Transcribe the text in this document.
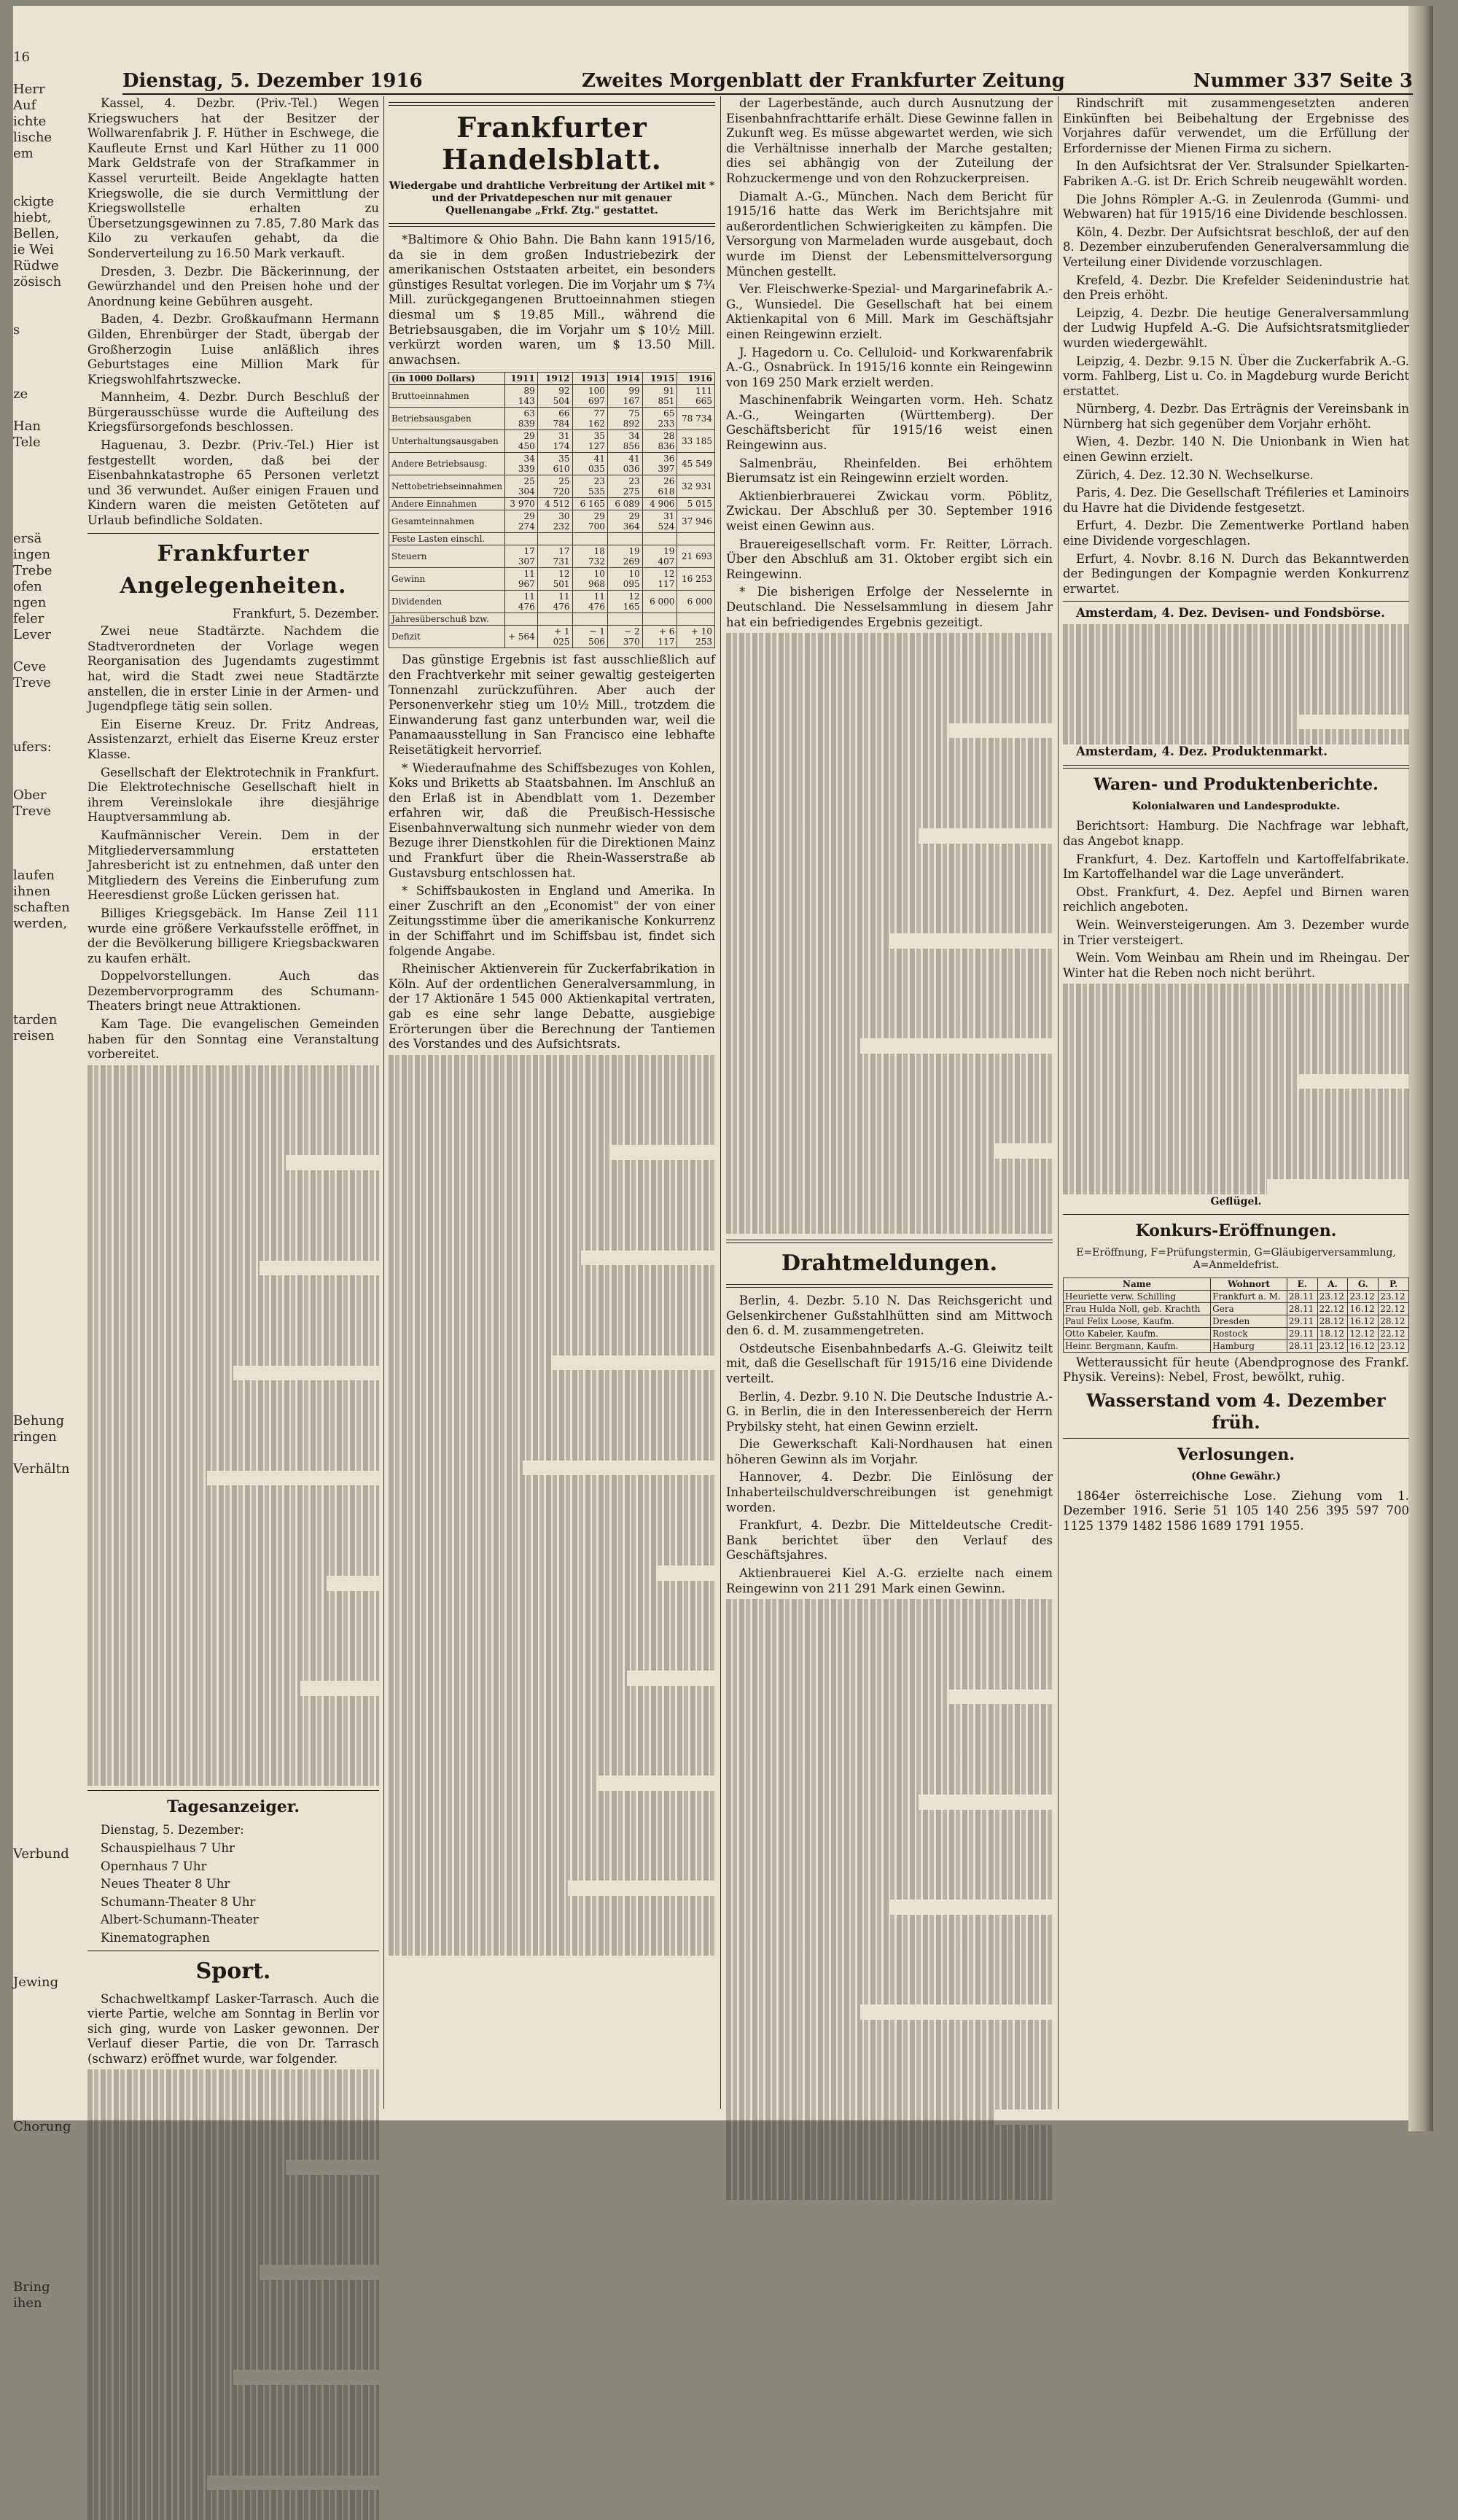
16
Herr
Auf
ichte
lische
em
ckigte
hiebt,
Bellen,
ie Wei
Rüdwe
zösisch
s
ze
Han
Tele
ersä
ingen
Trebe
ofen
ngen
feler
Lever
Ceve
Treve
ufers:
Ober
Treve
laufen
ihnen
schaften
werden,
tarden
reisen
Behung
ringen
Verhältn
Verbund
Jewing
Chorung
Bring
ihen
Dienstag, 5. Dezember 1916	Zweites Morgenblatt der Frankfurter Zeitung	Nummer 337 Seite 3

Kassel, 4. Dezbr. (Priv.-Tel.) Wegen Kriegswuchers hat der Besitzer der Wollwarenfabrik J. F. Hüther in Eschwege, die Kaufleute Ernst und Karl Hüther zu 11 000 Mark Geldstrafe von der Strafkammer in Kassel verurteilt. Beide Angeklagte hatten Kriegswolle, die sie durch Vermittlung der Kriegswollstelle erhalten zu Übersetzungsgewinnen zu 7.85, 7.80 Mark das Kilo zu verkaufen gehabt, da die Sonderverteilung zu 16.50 Mark verkauft.

Dresden, 3. Dezbr. Die Bäckerinnung, der Gewürzhandel und den Preisen hohe und der Anordnung keine Gebühren ausgeht.

Baden, 4. Dezbr. Großkaufmann Hermann Gilden, Ehrenbürger der Stadt, übergab der Großherzogin Luise anläßlich ihres Geburtstages eine Million Mark für Kriegswohlfahrtszwecke.

Mannheim, 4. Dezbr. Durch Beschluß der Bürgerausschüsse wurde die Aufteilung des Kriegsfürsorgefonds beschlossen.

Haguenau, 3. Dezbr. (Priv.-Tel.) Hier ist festgestellt worden, daß bei der Eisenbahnkatastrophe 65 Personen verletzt und 36 verwundet. Außer einigen Frauen und Kindern waren die meisten Getöteten auf Urlaub befindliche Soldaten.

Frankfurter Angelegenheiten.

Frankfurt, 5. Dezember.

Zwei neue Stadtärzte. Nachdem die Stadtverordneten der Vorlage wegen Reorganisation des Jugendamts zugestimmt hat, wird die Stadt zwei neue Stadtärzte anstellen, die in erster Linie in der Armen- und Jugendpflege tätig sein sollen.

Ein Eiserne Kreuz. Dr. Fritz Andreas, Assistenzarzt, erhielt das Eiserne Kreuz erster Klasse.

Gesellschaft der Elektrotechnik in Frankfurt. Die Elektrotechnische Gesellschaft hielt in ihrem Vereinslokale ihre diesjährige Hauptversammlung ab.

Kaufmännischer Verein. Dem in der Mitgliederversammlung erstatteten Jahresbericht ist zu entnehmen, daß unter den Mitgliedern des Vereins die Einberufung zum Heeresdienst große Lücken gerissen hat.

Billiges Kriegsgebäck. Im Hanse Zeil 111 wurde eine größere Verkaufsstelle eröffnet, in der die Bevölkerung billigere Kriegsbackwaren zu kaufen erhält.

Doppelvorstellungen. Auch das Dezembervorprogramm des Schumann-Theaters bringt neue Attraktionen.

Kam Tage. Die evangelischen Gemeinden haben für den Sonntag eine Veranstaltung vorbereitet.

Tagesanzeiger.

Dienstag, 5. Dezember:

Schauspielhaus 7 Uhr

Opernhaus 7 Uhr

Neues Theater 8 Uhr

Schumann-Theater 8 Uhr

Albert-Schumann-Theater

Kinematographen

Sport.

Schachweltkampf Lasker-Tarrasch. Auch die vierte Partie, welche am Sonntag in Berlin vor sich ging, wurde von Lasker gewonnen. Der Verlauf dieser Partie, die von Dr. Tarrasch (schwarz) eröffnet wurde, war folgender.

Frankfurter Handelsblatt.
Wiedergabe und drahtliche Verbreitung der Artikel mit * und der Privatdepeschen nur mit genauer Quellenangabe „Frkf. Ztg." gestattet.

*Baltimore & Ohio Bahn. Die Bahn kann 1915/16, da sie in dem großen Industriebezirk der amerikanischen Oststaaten arbeitet, ein besonders günstiges Resultat vorlegen. Die im Vorjahr um $ 7¾ Mill. zurückgegangenen Bruttoeinnahmen stiegen diesmal um $ 19.85 Mill., während die Betriebsausgaben, die im Vorjahr um $ 10½ Mill. verkürzt worden waren, um $ 13.50 Mill. anwachsen.

(in 1000 Dollars)	1911	1912	1913	1914	1915	1916
Bruttoeinnahmen	89 143	92 504	100 697	99 167	91 851	111 665
Betriebsausgaben	63 839	66 784	77 162	75 892	65 233	78 734
Unterhaltungsausgaben	29 450	31 174	35 127	34 856	28 836	33 185
Andere Betriebsausg.	34 339	35 610	41 035	41 036	36 397	45 549
Nettobetriebseinnahmen	25 304	25 720	23 535	23 275	26 618	32 931
Andere Einnahmen	3 970	4 512	6 165	6 089	4 906	5 015
Gesamteinnahmen	29 274	30 232	29 700	29 364	31 524	37 946
Feste Lasten einschl.						
Steuern	17 307	17 731	18 732	19 269	19 407	21 693
Gewinn	11 967	12 501	10 968	10 095	12 117	16 253
Dividenden	11 476	11 476	11 476	12 165	6 000	6 000
Jahresüberschuß bzw.						
Defizit	+ 564	+ 1 025	− 1 506	− 2 370	+ 6 117	+ 10 253

Das günstige Ergebnis ist fast ausschließlich auf den Frachtverkehr mit seiner gewaltig gesteigerten Tonnenzahl zurückzuführen. Aber auch der Personenverkehr stieg um 10½ Mill., trotzdem die Einwanderung fast ganz unterbunden war, weil die Panamaausstellung in San Francisco eine lebhafte Reisetätigkeit hervorrief.

* Wiederaufnahme des Schiffsbezuges von Kohlen, Koks und Briketts ab Staatsbahnen. Im Anschluß an den Erlaß ist in Abendblatt vom 1. Dezember erfahren wir, daß die Preußisch-Hessische Eisenbahnverwaltung sich nunmehr wieder von dem Bezuge ihrer Dienstkohlen für die Direktionen Mainz und Frankfurt über die Rhein-Wasserstraße ab Gustavsburg entschlossen hat.

* Schiffsbaukosten in England und Amerika. In einer Zuschrift an den „Economist" der von einer Zeitungsstimme über die amerikanische Konkurrenz in der Schiffahrt und im Schiffsbau ist, findet sich folgende Angabe.

Rheinischer Aktienverein für Zuckerfabrikation in Köln. Auf der ordentlichen Generalversammlung, in der 17 Aktionäre 1 545 000 Aktienkapital vertraten, gab es eine sehr lange Debatte, ausgiebige Erörterungen über die Berechnung der Tantiemen des Vorstandes und des Aufsichtsrats.

der Lagerbestände, auch durch Ausnutzung der Eisenbahnfrachttarife erhält. Diese Gewinne fallen in Zukunft weg. Es müsse abgewartet werden, wie sich die Verhältnisse innerhalb der Marche gestalten; dies sei abhängig von der Zuteilung der Rohzuckermenge und von den Rohzuckerpreisen.

Diamalt A.-G., München. Nach dem Bericht für 1915/16 hatte das Werk im Berichtsjahre mit außerordentlichen Schwierigkeiten zu kämpfen. Die Versorgung von Marmeladen wurde ausgebaut, doch wurde im Dienst der Lebensmittelversorgung München gestellt.

Ver. Fleischwerke-Spezial- und Margarinefabrik A.-G., Wunsiedel. Die Gesellschaft hat bei einem Aktienkapital von 6 Mill. Mark im Geschäftsjahr einen Reingewinn erzielt.

J. Hagedorn u. Co. Celluloid- und Korkwarenfabrik A.-G., Osnabrück. In 1915/16 konnte ein Reingewinn von 169 250 Mark erzielt werden.

Maschinenfabrik Weingarten vorm. Heh. Schatz A.-G., Weingarten (Württemberg). Der Geschäftsbericht für 1915/16 weist einen Reingewinn aus.

Salmenbräu, Rheinfelden. Bei erhöhtem Bierumsatz ist ein Reingewinn erzielt worden.

Aktienbierbrauerei Zwickau vorm. Pöblitz, Zwickau. Der Abschluß per 30. September 1916 weist einen Gewinn aus.

Brauereigesellschaft vorm. Fr. Reitter, Lörrach. Über den Abschluß am 31. Oktober ergibt sich ein Reingewinn.

* Die bisherigen Erfolge der Nesselernte in Deutschland. Die Nesselsammlung in diesem Jahr hat ein befriedigendes Ergebnis gezeitigt.

Drahtmeldungen.

Berlin, 4. Dezbr. 5.10 N. Das Reichsgericht und Gelsenkirchener Gußstahlhütten sind am Mittwoch den 6. d. M. zusammengetreten.

Ostdeutsche Eisenbahnbedarfs A.-G. Gleiwitz teilt mit, daß die Gesellschaft für 1915/16 eine Dividende verteilt.

Berlin, 4. Dezbr. 9.10 N. Die Deutsche Industrie A.-G. in Berlin, die in den Interessenbereich der Herrn Prybilsky steht, hat einen Gewinn erzielt.

Die Gewerkschaft Kali-Nordhausen hat einen höheren Gewinn als im Vorjahr.

Hannover, 4. Dezbr. Die Einlösung der Inhaberteilschuldverschreibungen ist genehmigt worden.

Frankfurt, 4. Dezbr. Die Mitteldeutsche Credit-Bank berichtet über den Verlauf des Geschäftsjahres.

Aktienbrauerei Kiel A.-G. erzielte nach einem Reingewinn von 211 291 Mark einen Gewinn.

Rindschrift mit zusammengesetzten anderen Einkünften bei Beibehaltung der Ergebnisse des Vorjahres dafür verwendet, um die Erfüllung der Erfordernisse der Mienen Firma zu sichern.

In den Aufsichtsrat der Ver. Stralsunder Spielkarten-Fabriken A.-G. ist Dr. Erich Schreib neugewählt worden.

Die Johns Römpler A.-G. in Zeulenroda (Gummi- und Webwaren) hat für 1915/16 eine Dividende beschlossen.

Köln, 4. Dezbr. Der Aufsichtsrat beschloß, der auf den 8. Dezember einzuberufenden Generalversammlung die Verteilung einer Dividende vorzuschlagen.

Krefeld, 4. Dezbr. Die Krefelder Seidenindustrie hat den Preis erhöht.

Leipzig, 4. Dezbr. Die heutige Generalversammlung der Ludwig Hupfeld A.-G. Die Aufsichtsratsmitglieder wurden wiedergewählt.

Leipzig, 4. Dezbr. 9.15 N. Über die Zuckerfabrik A.-G. vorm. Fahlberg, List u. Co. in Magdeburg wurde Bericht erstattet.

Nürnberg, 4. Dezbr. Das Erträgnis der Vereinsbank in Nürnberg hat sich gegenüber dem Vorjahr erhöht.

Wien, 4. Dezbr. 140 N. Die Unionbank in Wien hat einen Gewinn erzielt.

Zürich, 4. Dez. 12.30 N. Wechselkurse.

Paris, 4. Dez. Die Gesellschaft Tréfileries et Laminoirs du Havre hat die Dividende festgesetzt.

Erfurt, 4. Dezbr. Die Zementwerke Portland haben eine Dividende vorgeschlagen.

Erfurt, 4. Novbr. 8.16 N. Durch das Bekanntwerden der Bedingungen der Kompagnie werden Konkurrenz erwartet.

Amsterdam, 4. Dez. Devisen- und Fondsbörse.

Amsterdam, 4. Dez. Produktenmarkt.

Waren- und Produktenberichte.
Kolonialwaren und Landesprodukte.

Berichtsort: Hamburg. Die Nachfrage war lebhaft, das Angebot knapp.

Frankfurt, 4. Dez. Kartoffeln und Kartoffelfabrikate. Im Kartoffelhandel war die Lage unverändert.

Obst. Frankfurt, 4. Dez. Aepfel und Birnen waren reichlich angeboten.

Wein. Weinversteigerungen. Am 3. Dezember wurde in Trier versteigert.

Wein. Vom Weinbau am Rhein und im Rheingau. Der Winter hat die Reben noch nicht berührt.

Geflügel.
Konkurs-Eröffnungen.
E=Eröffnung, F=Prüfungstermin, G=Gläubigerversammlung, A=Anmeldefrist.
Name	Wohnort	E.	A.	G.	P.
Heuriette verw. Schilling	Frankfurt a. M.	28.11	23.12	23.12	23.12
Frau Hulda Noll, geb. Krachth	Gera	28.11	22.12	16.12	22.12
Paul Felix Loose, Kaufm.	Dresden	29.11	28.12	16.12	28.12
Otto Kabeler, Kaufm.	Rostock	29.11	18.12	12.12	22.12
Heinr. Bergmann, Kaufm.	Hamburg	28.11	23.12	16.12	23.12

Wetteraussicht für heute (Abendprognose des Frankf. Physik. Vereins): Nebel, Frost, bewölkt, ruhig.

Wasserstand vom 4. Dezember früh.
Verlosungen.
(Ohne Gewähr.)

1864er österreichische Lose. Ziehung vom 1. Dezember 1916. Serie 51 105 140 256 395 597 700 1125 1379 1482 1586 1689 1791 1955.
